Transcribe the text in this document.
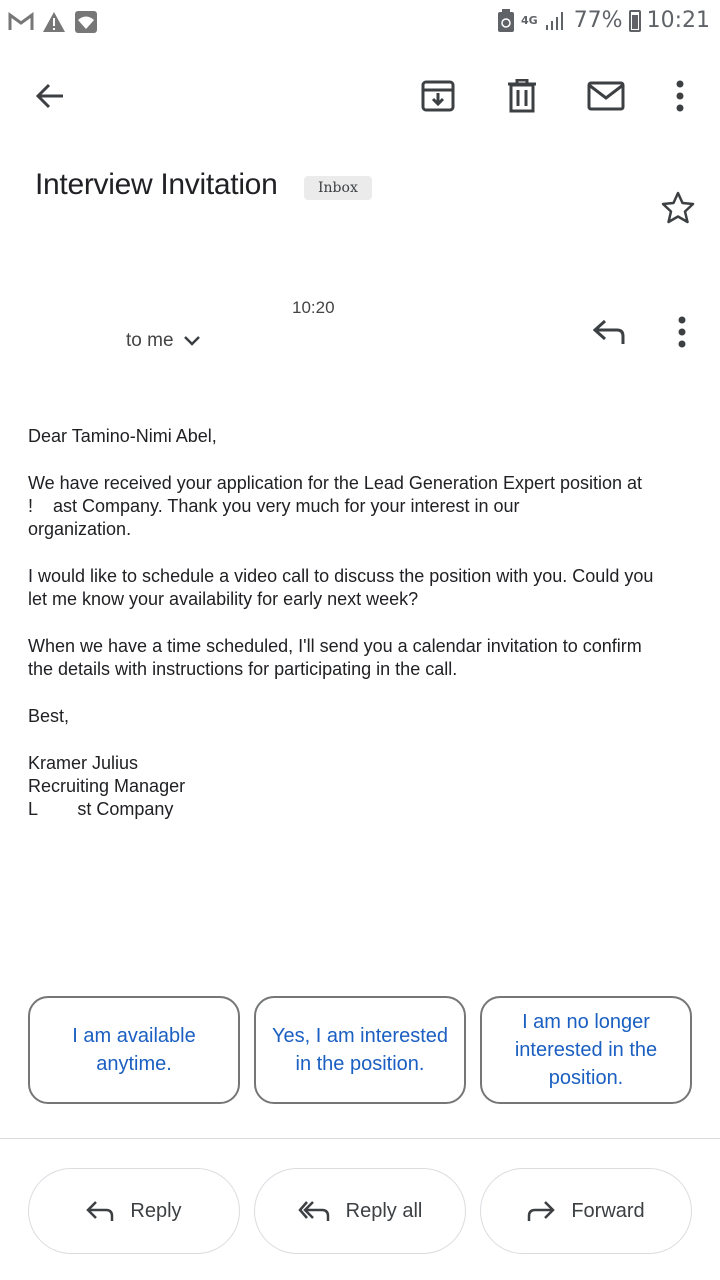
4G 77% 10:21
Interview Invitation	Inbox
10:20
to me

Dear Tamino-Nimi Abel,

We have received your application for the Lead Generation Expert position at
!    ast Company. Thank you very much for your interest in our
organization.

I would like to schedule a video call to discuss the position with you. Could you
let me know your availability for early next week?

When we have a time scheduled, I'll send you a calendar invitation to confirm
the details with instructions for participating in the call.

Best,

Kramer Julius
Recruiting Manager
L        st Company

I am available anytime.
Yes, I am interested in the position.
I am no longer interested in the position.
Reply	Reply all	Forward
